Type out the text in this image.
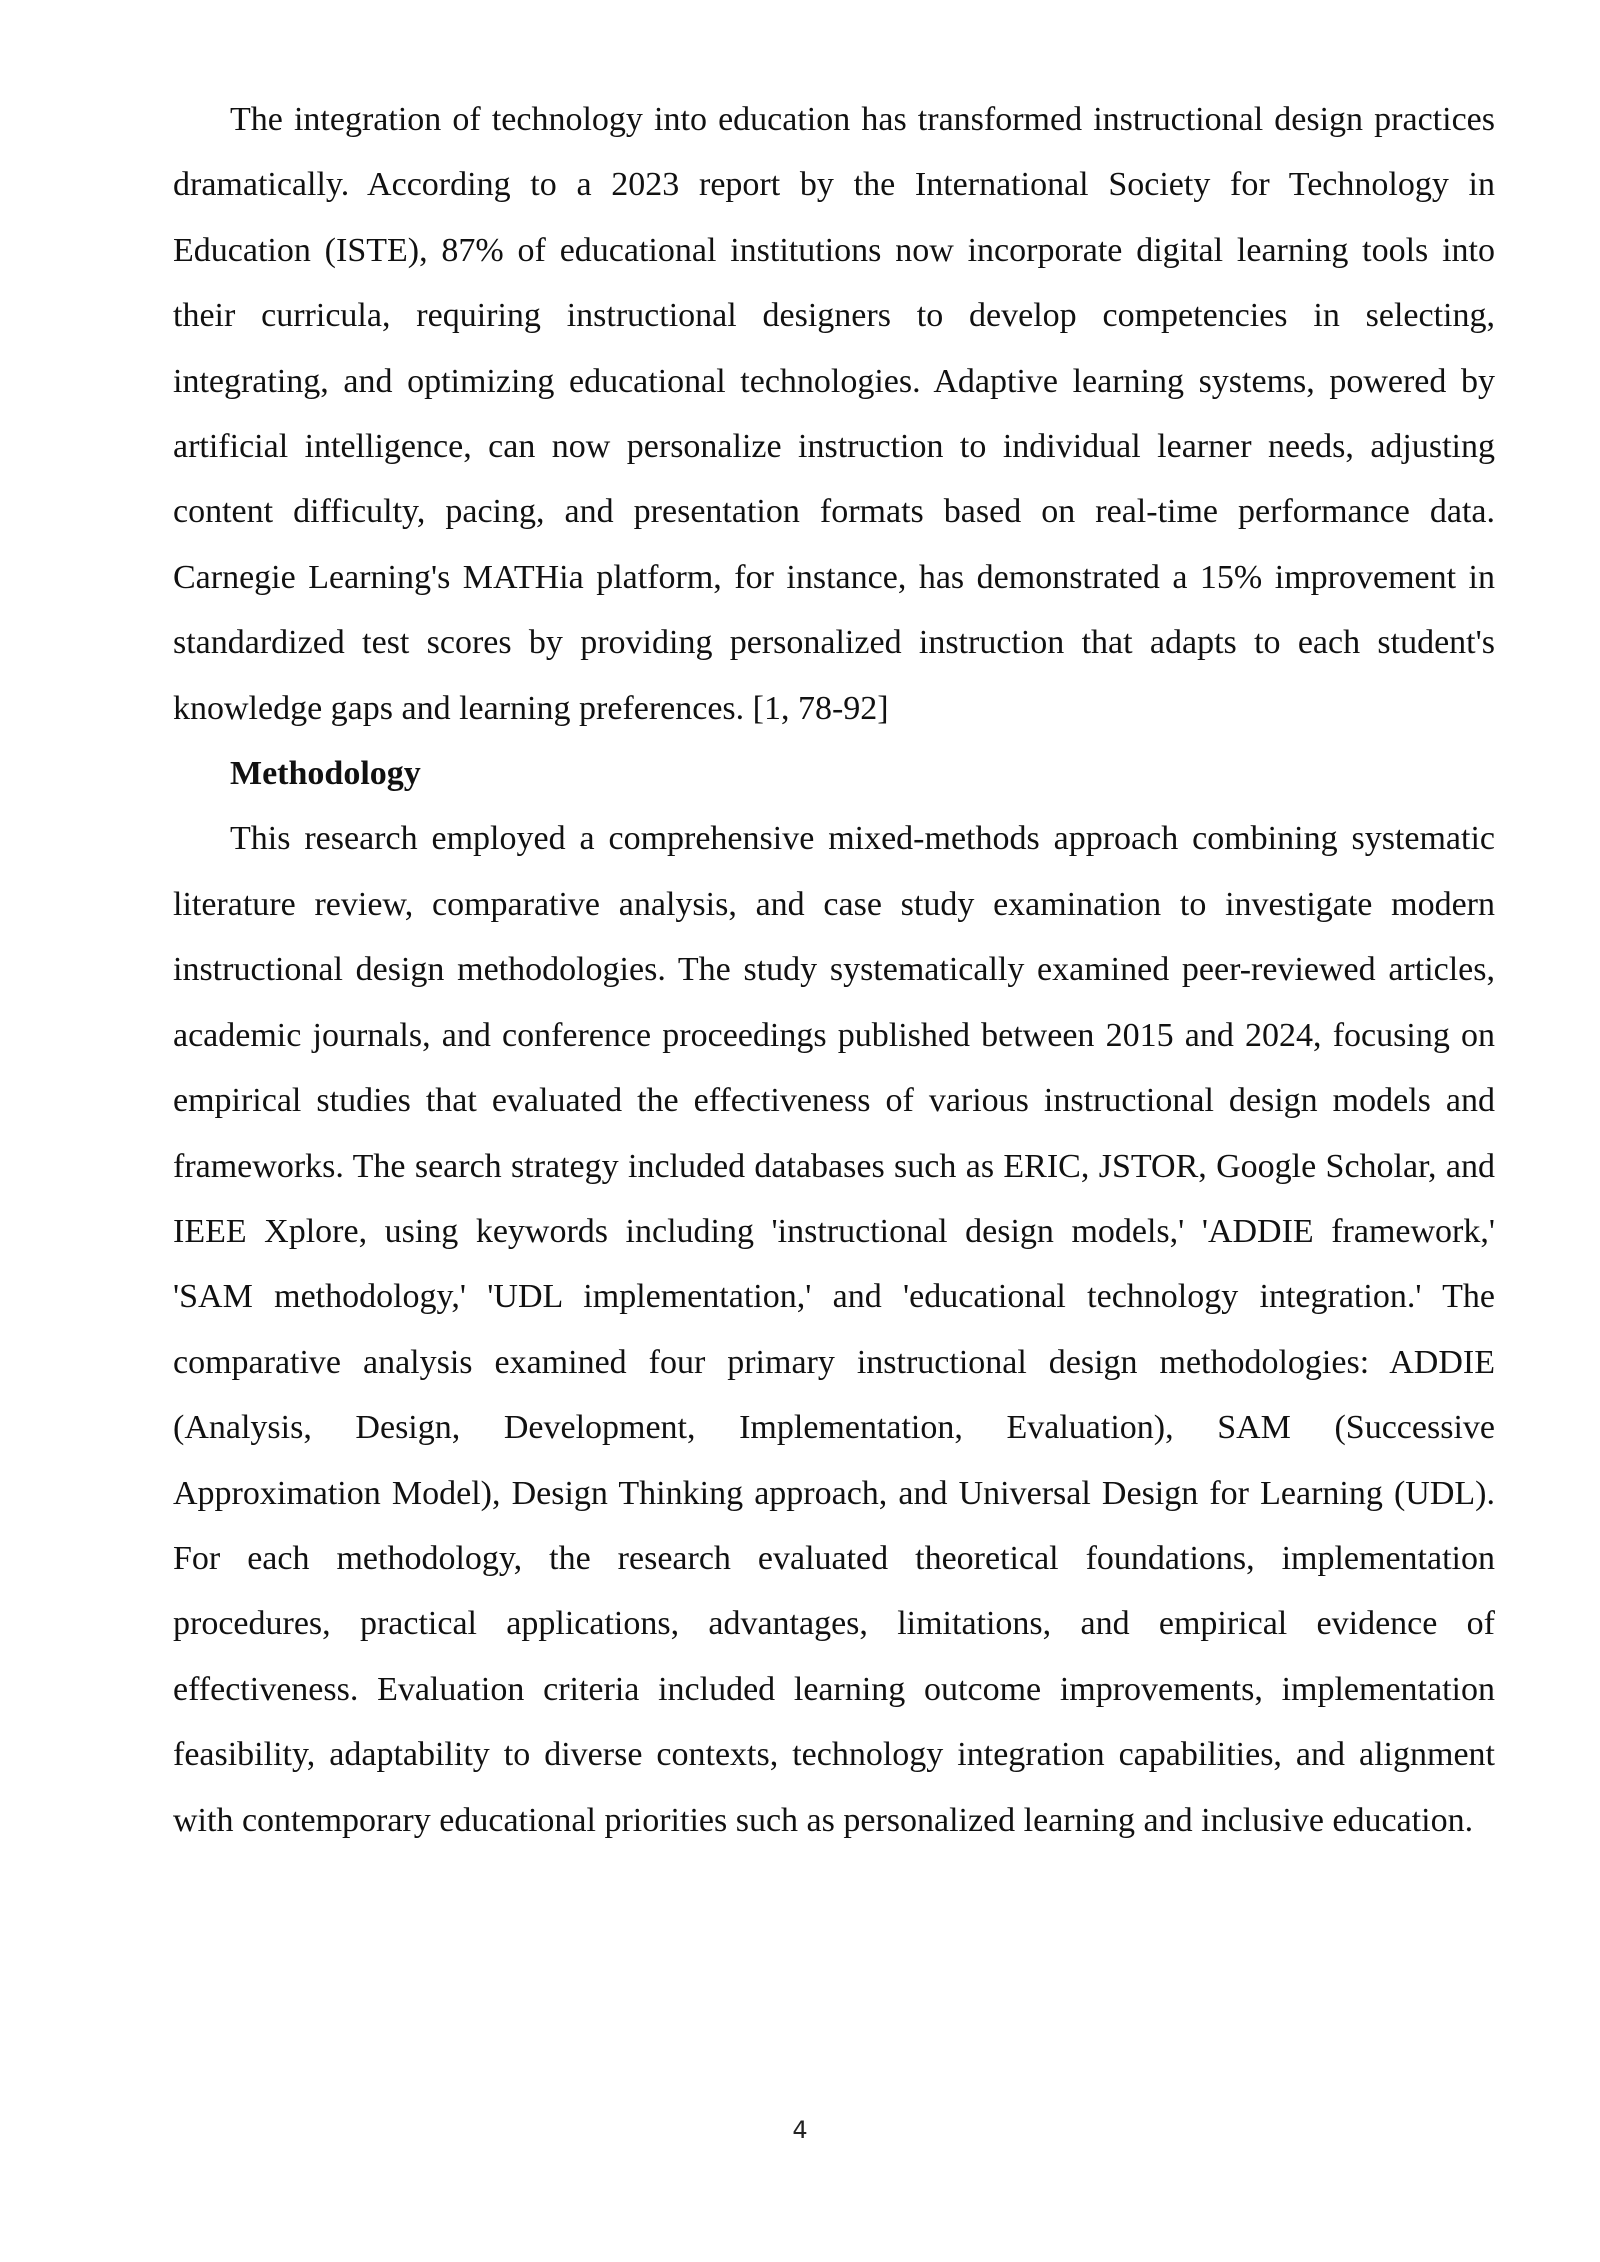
The integration of technology into education has transformed instructional design practices dramatically. According to a 2023 report by the International Society for Technology in Education (ISTE), 87% of educational institutions now incorporate digital learning tools into their curricula, requiring instructional designers to develop competencies in selecting, integrating, and optimizing educational technologies. Adaptive learning systems, powered by artificial intelligence, can now personalize instruction to individual learner needs, adjusting content difficulty, pacing, and presentation formats based on real-time performance data. Carnegie Learning's MATHia platform, for instance, has demonstrated a 15% improvement in standardized test scores by providing personalized instruction that adapts to each student's knowledge gaps and learning preferences. [1, 78-92]

Methodology

This research employed a comprehensive mixed-methods approach combining systematic literature review, comparative analysis, and case study examination to investigate modern instructional design methodologies. The study systematically examined peer-reviewed articles, academic journals, and conference proceedings published between 2015 and 2024, focusing on empirical studies that evaluated the effectiveness of various instructional design models and frameworks. The search strategy included databases such as ERIC, JSTOR, Google Scholar, and IEEE Xplore, using keywords including 'instructional design models,' 'ADDIE framework,' 'SAM methodology,' 'UDL implementation,' and 'educational technology integration.' The comparative analysis examined four primary instructional design methodologies: ADDIE (Analysis, Design, Development, Implementation, Evaluation), SAM (Successive Approximation Model), Design Thinking approach, and Universal Design for Learning (UDL). For each methodology, the research evaluated theoretical foundations, implementation procedures, practical applications, advantages, limitations, and empirical evidence of effectiveness. Evaluation criteria included learning outcome improvements, implementation feasibility, adaptability to diverse contexts, technology integration capabilities, and alignment with contemporary educational priorities such as personalized learning and inclusive education.

4
